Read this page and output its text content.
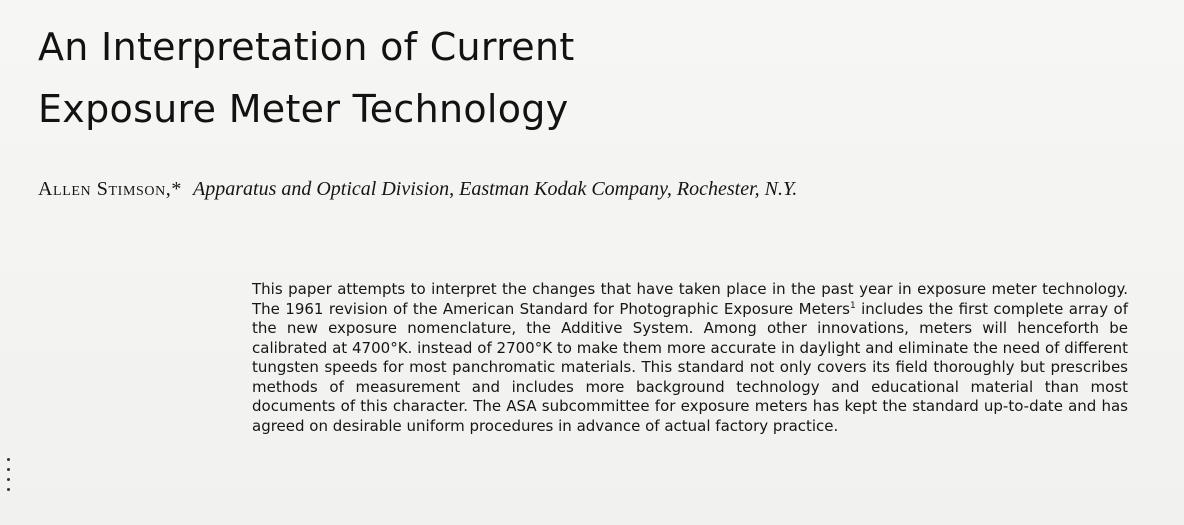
An Interpretation of Current
Exposure Meter Technology
Allen Stimson,* Apparatus and Optical Division, Eastman Kodak Company, Rochester, N.Y.

This paper attempts to interpret the changes that have taken place in the past year in exposure meter technology. The 1961 revision of the American Standard for Photographic Exposure Meters$^1$ includes the first complete array of the new exposure nomenclature, the Additive System. Among other innovations, meters will henceforth be calibrated at 4700°K. instead of 2700°K to make them more accurate in daylight and eliminate the need of different tungsten speeds for most panchromatic materials. This standard not only covers its field thoroughly but prescribes methods of measurement and includes more background technology and educational material than most documents of this character. The ASA subcommittee for exposure meters has kept the standard up-to-date and has agreed on desirable uniform procedures in advance of actual factory practice.
